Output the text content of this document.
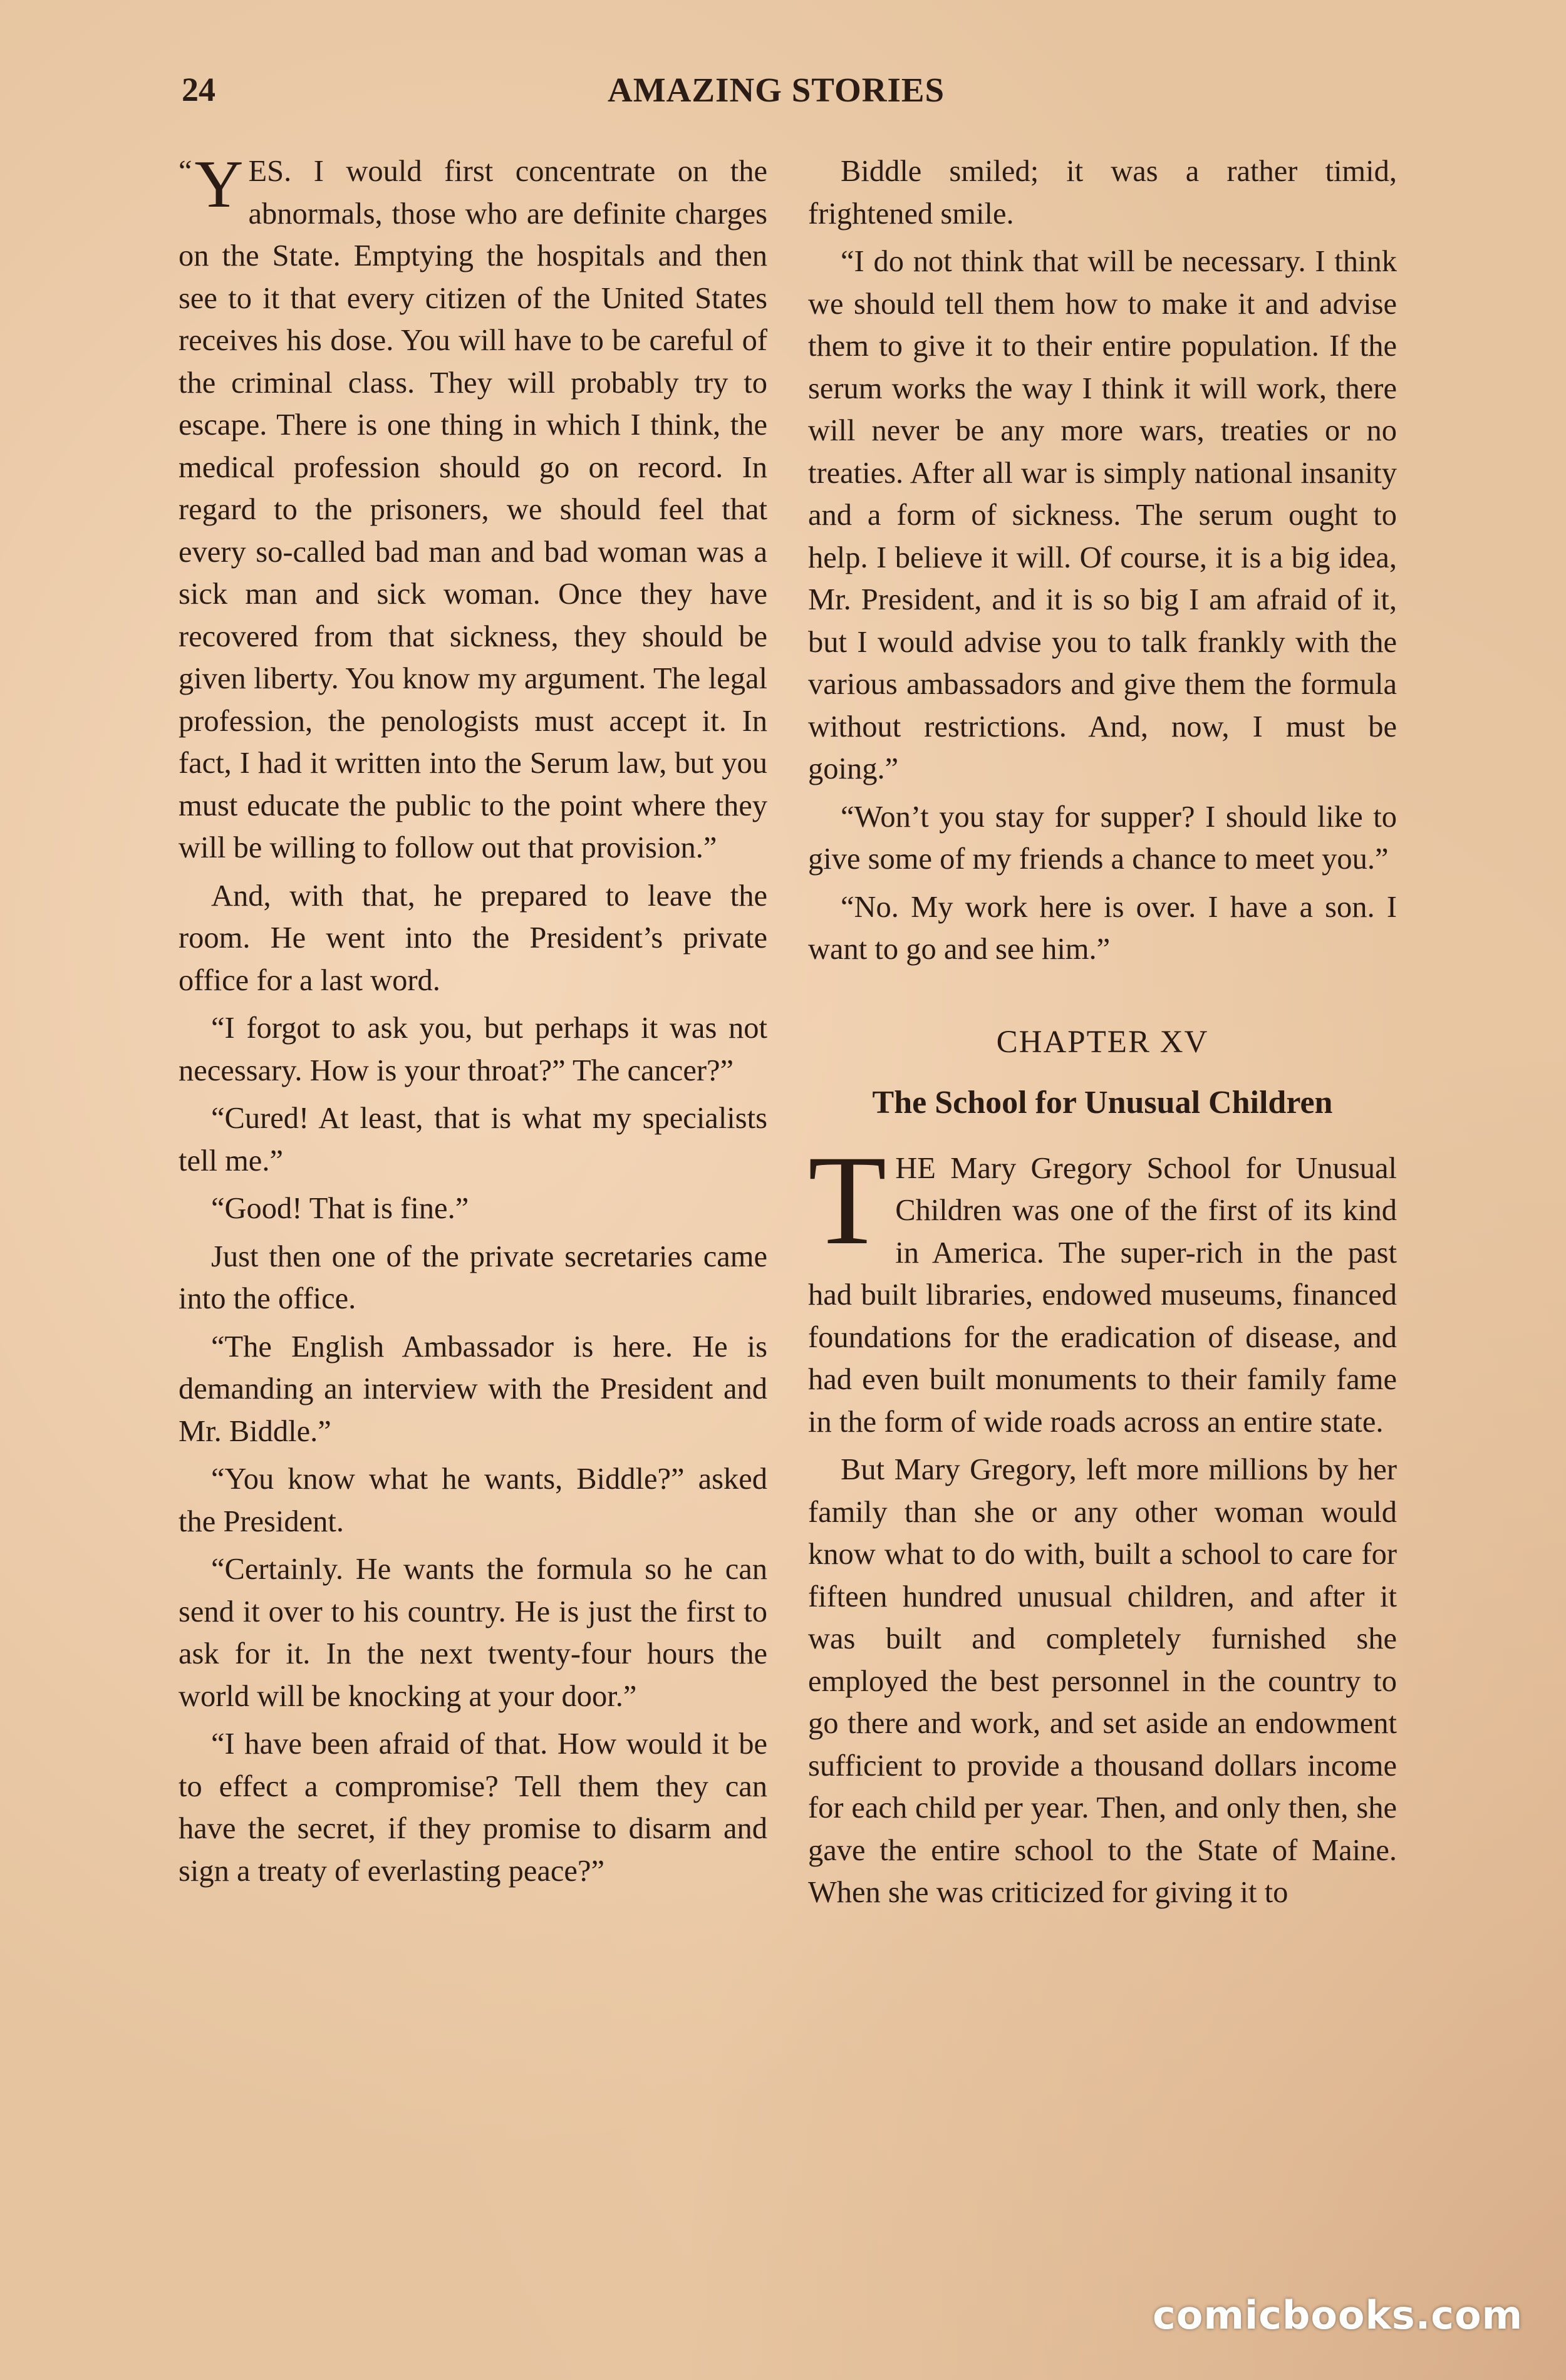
24	AMAZING STORIES

“ Y ES. I would first concentrate on the abnormals, those who are definite charges on the State. Emptying the hospitals and then see to it that every citizen of the United States receives his dose. You will have to be careful of the criminal class. They will probably try to escape. There is one thing in which I think, the medical profession should go on record. In regard to the prisoners, we should feel that every so-called bad man and bad woman was a sick man and sick woman. Once they have recovered from that sickness, they should be given liberty. You know my argument. The legal profession, the penologists must accept it. In fact, I had it written into the Serum law, but you must educate the public to the point where they will be willing to follow out that provision.”

And, with that, he prepared to leave the room. He went into the President’s private office for a last word.

“I forgot to ask you, but perhaps it was not necessary. How is your throat?” The cancer?”

“Cured! At least, that is what my specialists tell me.”

“Good! That is fine.”

Just then one of the private secretaries came into the office.

“The English Ambassador is here. He is demanding an interview with the President and Mr. Biddle.”

“You know what he wants, Biddle?” asked the President.

“Certainly. He wants the formula so he can send it over to his country. He is just the first to ask for it. In the next twenty-four hours the world will be knocking at your door.”

“I have been afraid of that. How would it be to effect a compromise? Tell them they can have the secret, if they promise to disarm and sign a treaty of everlasting peace?”

Biddle smiled; it was a rather timid, frightened smile.

“I do not think that will be necessary. I think we should tell them how to make it and advise them to give it to their entire population. If the serum works the way I think it will work, there will never be any more wars, treaties or no treaties. After all war is simply national insanity and a form of sickness. The serum ought to help. I believe it will. Of course, it is a big idea, Mr. President, and it is so big I am afraid of it, but I would advise you to talk frankly with the various ambassadors and give them the formula without restrictions. And, now, I must be going.”

“Won’t you stay for supper? I should like to give some of my friends a chance to meet you.”

“No. My work here is over. I have a son. I want to go and see him.”

CHAPTER XV
The School for Unusual Children

THE Mary Gregory School for Unusual Children was one of the first of its kind in America. The super-rich in the past had built libraries, endowed museums, financed foundations for the eradication of disease, and had even built monuments to their family fame in the form of wide roads across an entire state.

But Mary Gregory, left more millions by her family than she or any other woman would know what to do with, built a school to care for fifteen hundred unusual children, and after it was built and completely furnished she employed the best personnel in the country to go there and work, and set aside an endowment sufficient to provide a thousand dollars income for each child per year. Then, and only then, she gave the entire school to the State of Maine. When she was criticized for giving it to

comicbooks.com
